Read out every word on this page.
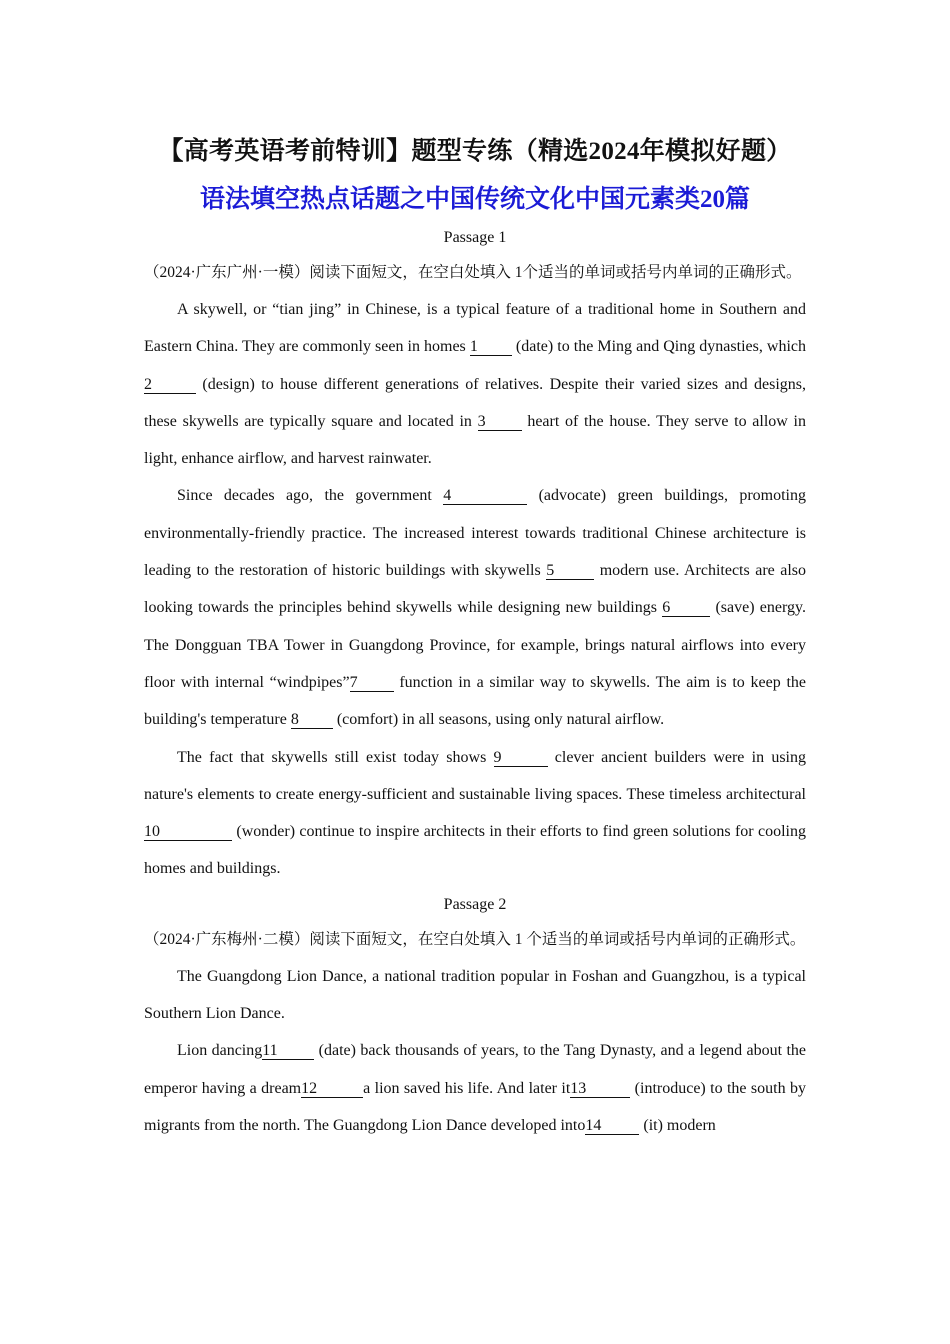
【高考英语考前特训】题型专练（精选2024年模拟好题）
语法填空热点话题之中国传统文化中国元素类20篇

Passage 1

（2024·广东广州·一模）阅读下面短文，在空白处填入 1个适当的单词或括号内单词的正确形式。

A skywell, or “tian jing” in Chinese, is a typical feature of a traditional home in Southern and Eastern China. They are commonly seen in homes 1 (date) to the Ming and Qing dynasties, which 2	(design) to house different generations of relatives. Despite their varied sizes and designs, these skywells are typically square and located in 3 heart of the house. They serve to allow in light, enhance airflow, and harvest rainwater.

Since decades ago, the government 4	(advocate) green buildings, promoting environmentally-friendly practice. The increased interest towards traditional Chinese architecture is leading to the restoration of historic buildings with skywells 5	modern use. Architects are also looking towards the principles behind skywells while designing new buildings 6	(save) energy. The Dongguan TBA Tower in Guangdong Province, for example, brings natural airflows into every floor with internal “windpipes”7 function in a similar way to skywells. The aim is to keep the building's temperature 8 (comfort) in all seasons, using only natural airflow.

The fact that skywells still exist today shows 9	clever ancient builders were in using nature's elements to create energy-sufficient and sustainable living spaces. These timeless architectural 10	(wonder) continue to inspire architects in their efforts to find green solutions for cooling homes and buildings.

Passage 2

（2024·广东梅州·二模）阅读下面短文，在空白处填入 1 个适当的单词或括号内单词的正确形式。

The Guangdong Lion Dance, a national tradition popular in Foshan and Guangzhou, is a typical Southern Lion Dance.

Lion dancing11 (date) back thousands of years, to the Tang Dynasty, and a legend about the emperor having a dream12	a lion saved his life. And later it13	(introduce) to the south by migrants from the north. The Guangdong Lion Dance developed into14 (it) modern
